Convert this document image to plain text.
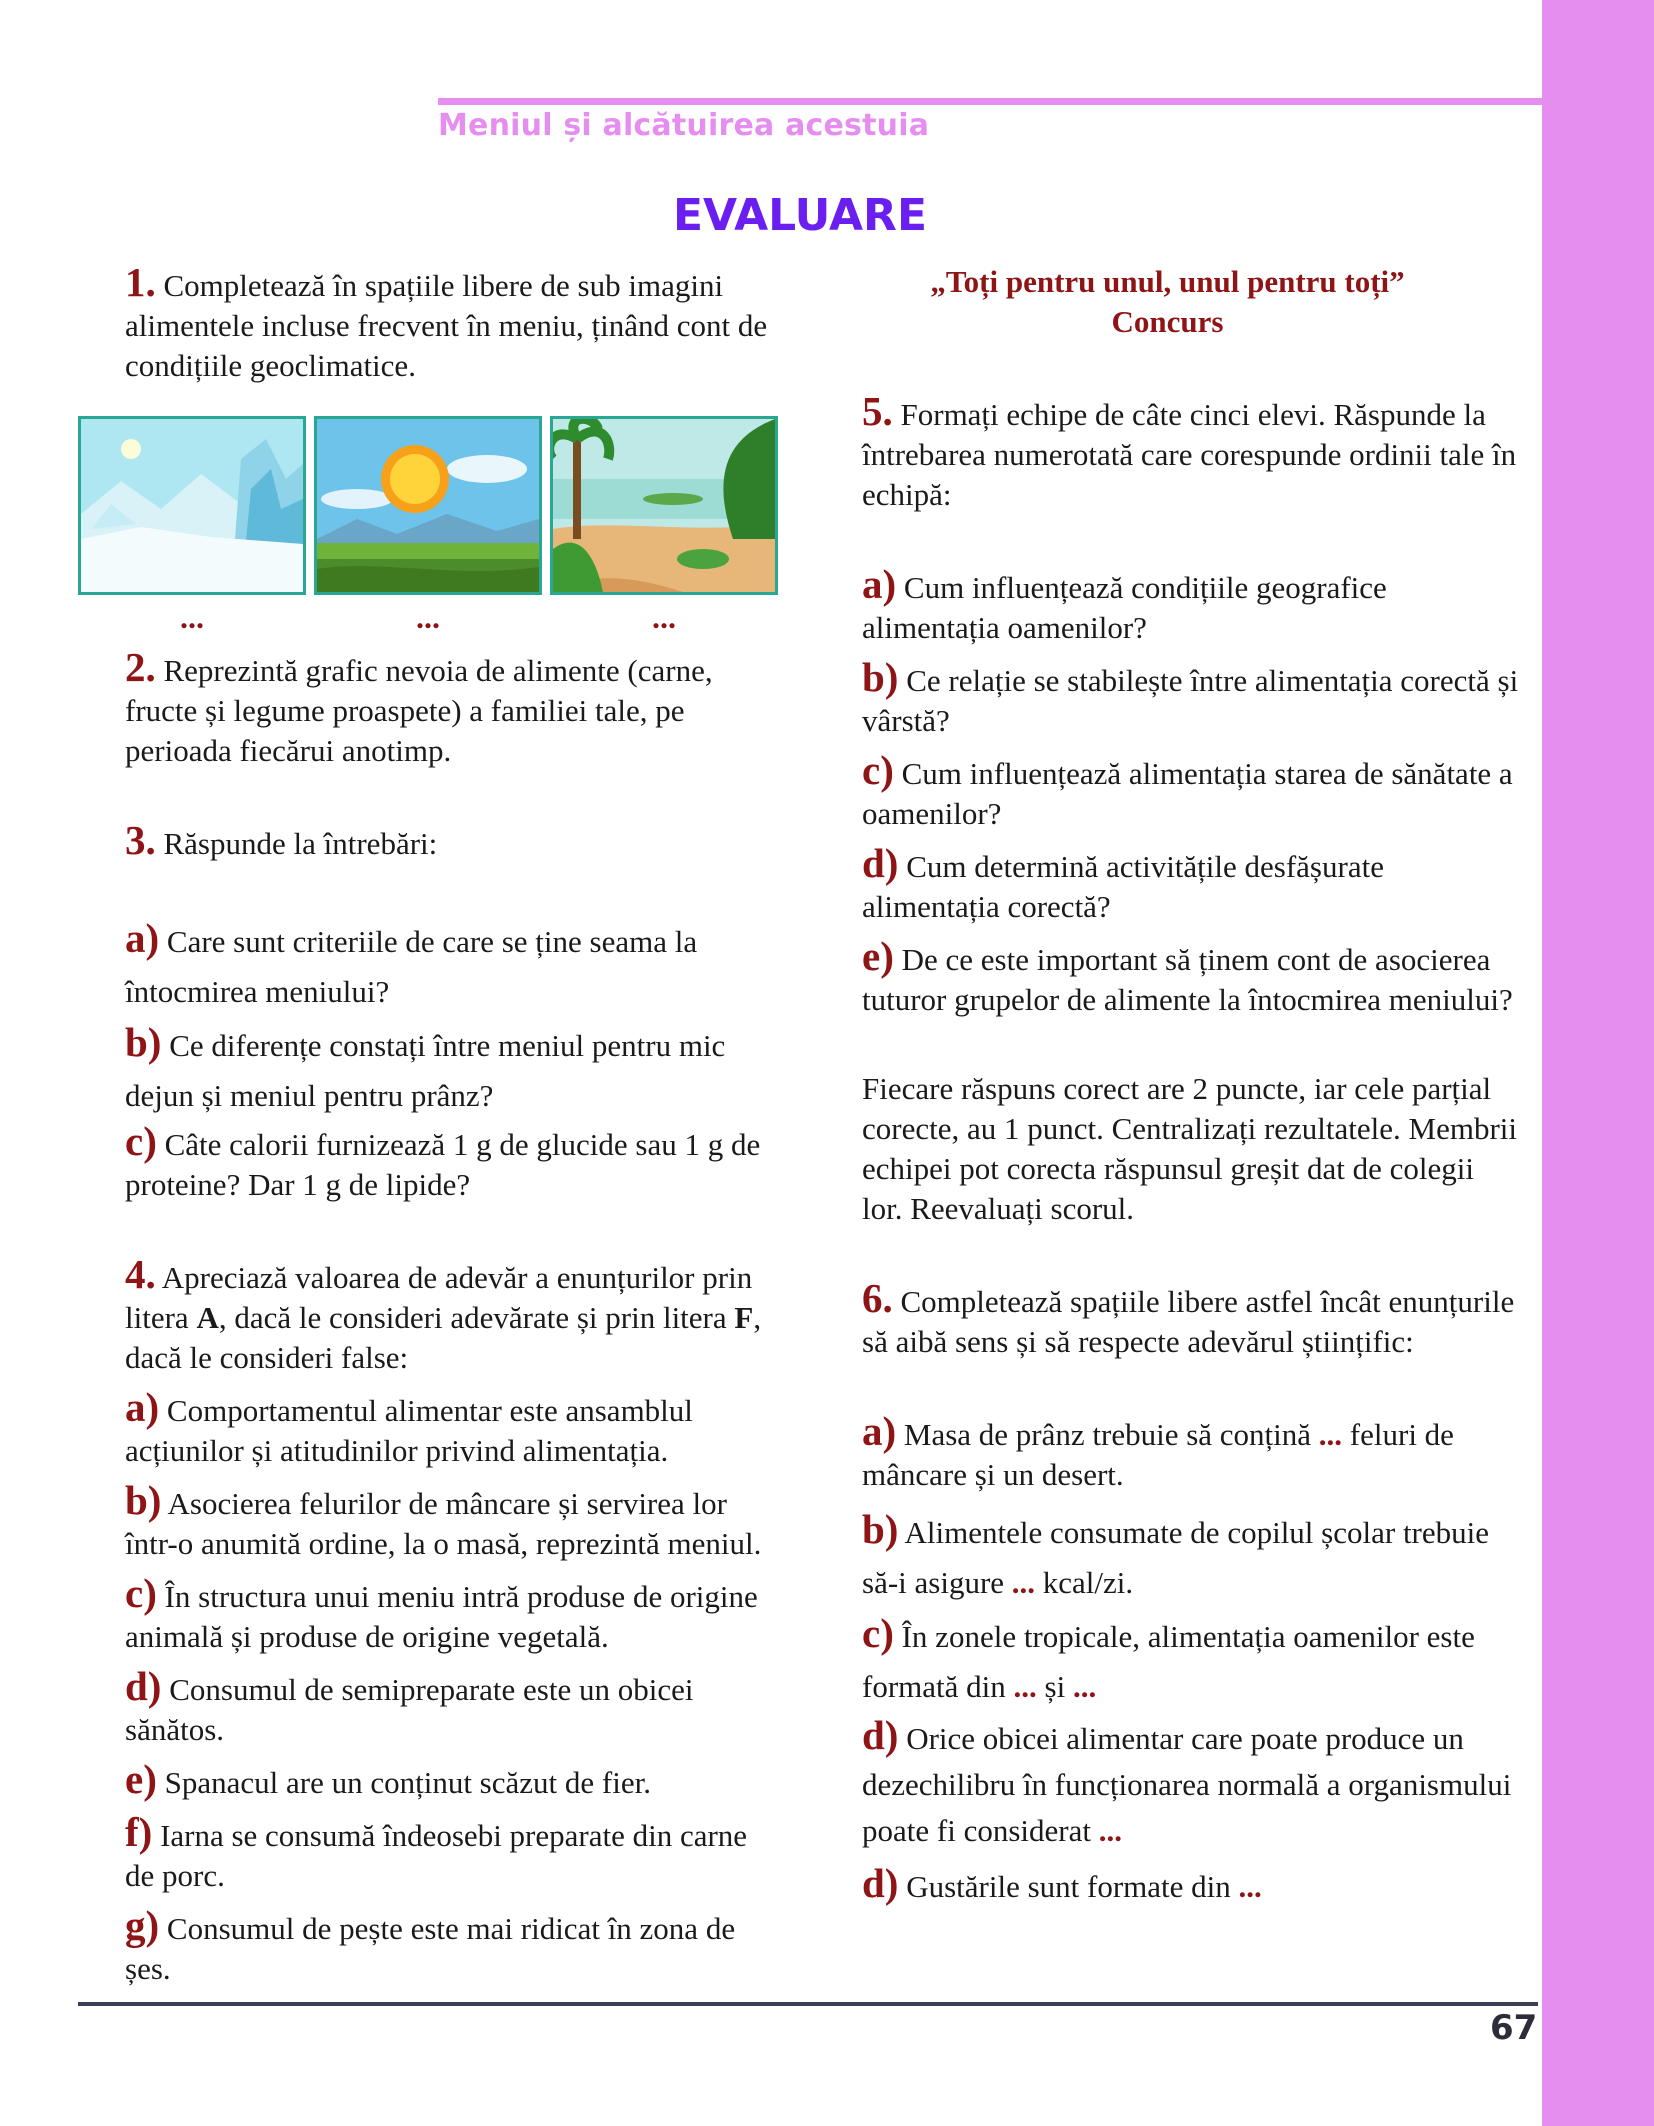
Meniul și alcătuirea acestuia
EVALUARE

1. Completează în spațiile libere de sub imagini alimentele incluse frecvent în meniu, ținând cont de condițiile geoclimatice.

...	...	...

2. Reprezintă grafic nevoia de alimente (carne, fructe și legume proaspete) a familiei tale, pe perioada fiecărui anotimp.

3. Răspunde la întrebări:

a) Care sunt criteriile de care se ține seama la întocmirea meniului?

b) Ce diferențe constați între meniul pentru mic dejun și meniul pentru prânz?

c) Câte calorii furnizează 1 g de glucide sau 1 g de proteine? Dar 1 g de lipide?

4. Apreciază valoarea de adevăr a enunțurilor prin litera A, dacă le consideri adevărate și prin litera F, dacă le consideri false:

a) Comportamentul alimentar este ansamblul acțiunilor și atitudinilor privind alimentația.

b) Asocierea felurilor de mâncare și servirea lor într-o anumită ordine, la o masă, reprezintă meniul.

c) În structura unui meniu intră produse de origine animală și produse de origine vegetală.

d) Consumul de semipreparate este un obicei sănătos.

e) Spanacul are un conținut scăzut de fier.

f) Iarna se consumă îndeosebi preparate din carne de porc.

g) Consumul de pește este mai ridicat în zona de șes.

„Toți pentru unul, unul pentru toți”
Concurs

5. Formați echipe de câte cinci elevi. Răspunde la întrebarea numerotată care corespunde ordinii tale în echipă:

a) Cum influențează condițiile geografice alimentația oamenilor?

b) Ce relație se stabilește între alimentația corectă și vârstă?

c) Cum influențează alimentația starea de sănătate a oamenilor?

d) Cum determină activitățile desfășurate alimentația corectă?

e) De ce este important să ținem cont de asocierea tuturor grupelor de alimente la întocmirea meniului?

Fiecare răspuns corect are 2 puncte, iar cele parțial corecte, au 1 punct. Centralizați rezultatele. Membrii echipei pot corecta răspunsul greșit dat de colegii lor. Reevaluați scorul.

6. Completează spațiile libere astfel încât enunțurile să aibă sens și să respecte adevărul științific:

a) Masa de prânz trebuie să conțină ... feluri de mâncare și un desert.

b) Alimentele consumate de copilul școlar trebuie să-i asigure ... kcal/zi.

c) În zonele tropicale, alimentația oamenilor este formată din ... și ...

d) Orice obicei alimentar care poate produce un dezechilibru în funcționarea normală a organismului poate fi considerat ...

d) Gustările sunt formate din ...

67
